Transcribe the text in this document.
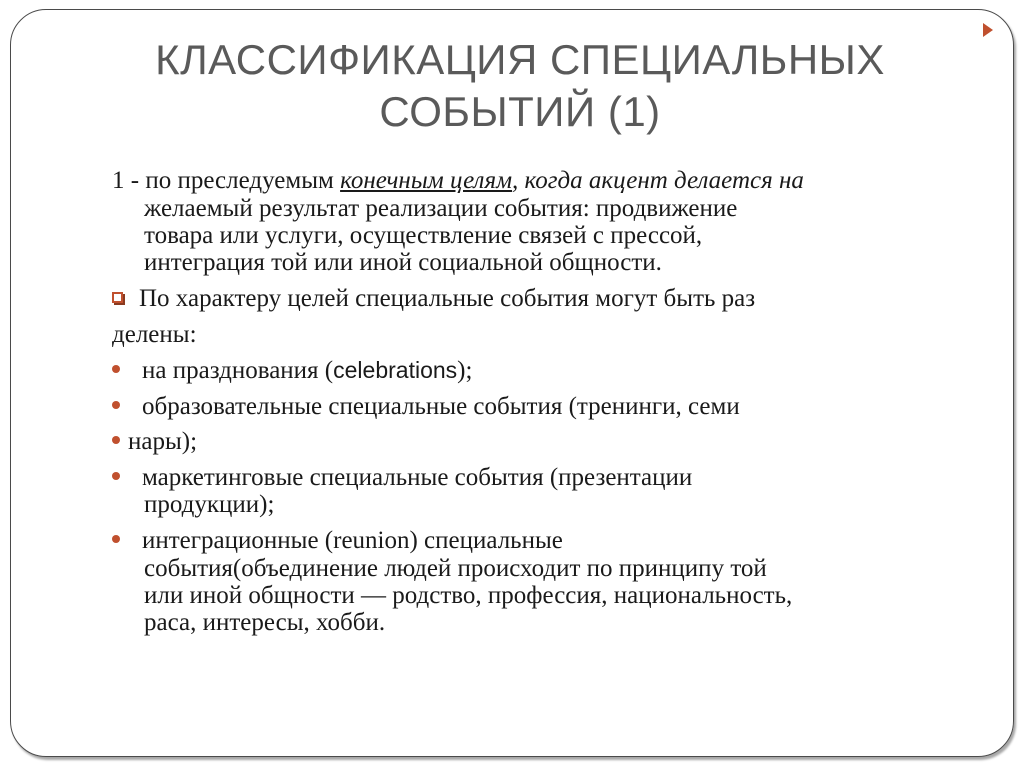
КЛАССИФИКАЦИЯ СПЕЦИАЛЬНЫХ
СОБЫТИЙ (1)
1 - по преследуемым конечным целям, когда акцент делается на
желаемый результат реализации события: продвижение
товара или услуги, осуществление связей с прессой,
интеграция той или иной социальной общности.
По характеру целей специальные события могут быть раз
делены:
на празднования (celebrations);
образовательные специальные события (тренинги, семи
нары);
маркетинговые специальные события (презентации
продукции);
интеграционные (reunion) специальные
события(объединение людей происходит по принципу той
или иной общности — родство, профессия, национальность,
раса, интересы, хобби.
